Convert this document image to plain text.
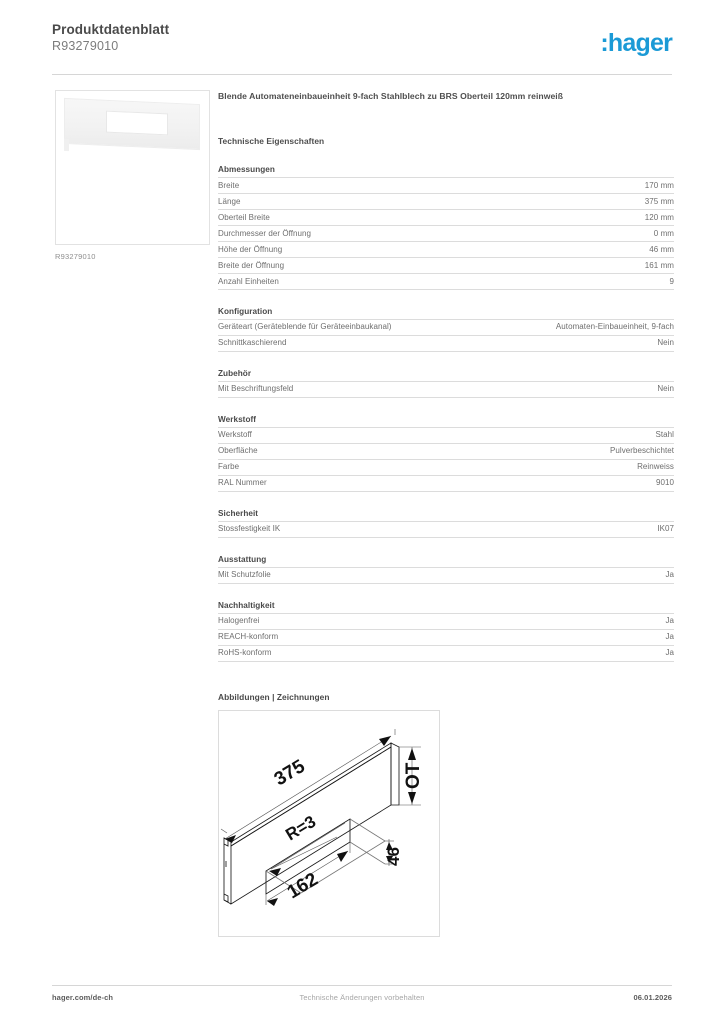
Produktdatenblatt
R93279010	:hager
R93279010
Blende Automateneinbaueinheit 9-fach Stahlblech zu BRS Oberteil 120mm reinweiß
Technische Eigenschaften
Abmessungen
Breite	170 mm
Länge	375 mm
Oberteil Breite	120 mm
Durchmesser der Öffnung	0 mm
Höhe der Öffnung	46 mm
Breite der Öffnung	161 mm
Anzahl Einheiten	9
Konfiguration
Geräteart (Geräteblende für Geräteeinbaukanal)	Automaten-Einbaueinheit, 9-fach
Schnittkaschierend	Nein
Zubehör
Mit Beschriftungsfeld	Nein
Werkstoff
Werkstoff	Stahl
Oberfläche	Pulverbeschichtet
Farbe	Reinweiss
RAL Nummer	9010
Sicherheit
Stossfestigkeit IK	IK07
Ausstattung
Mit Schutzfolie	Ja
Nachhaltigkeit
Halogenfrei	Ja
REACH-konform	Ja
RoHS-konform	Ja
Abbildungen | Zeichnungen
375	OT
R=3
46
162
hager.com/de-ch	Technische Änderungen vorbehalten	06.01.2026
